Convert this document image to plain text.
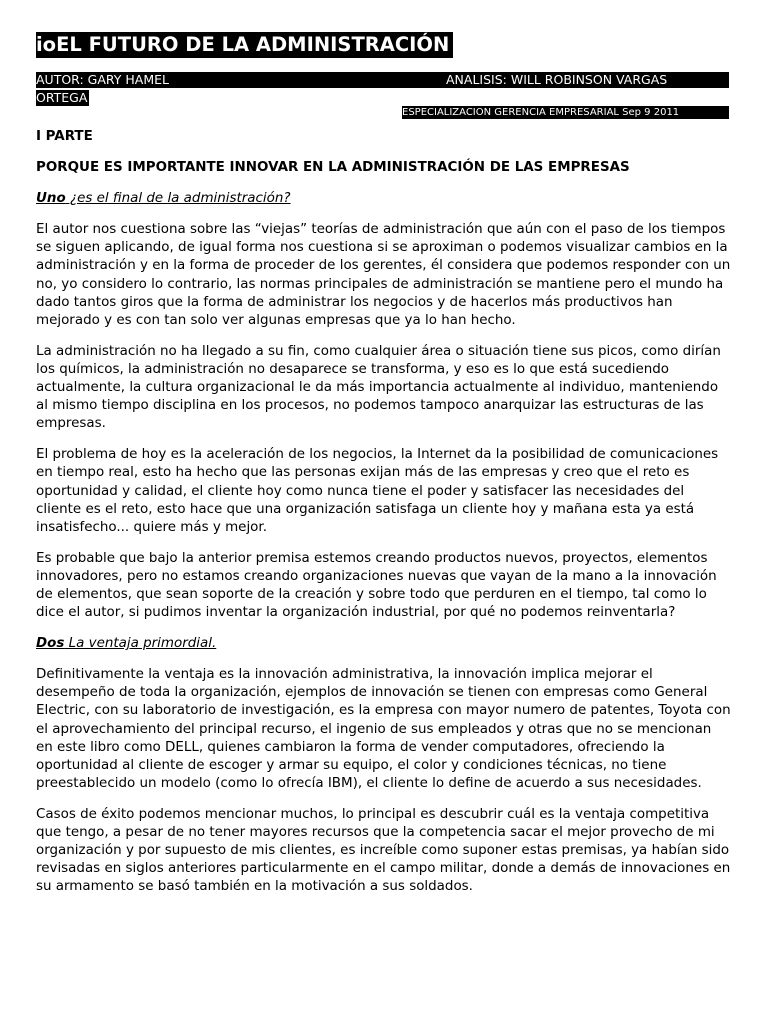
ioEL FUTURO DE LA ADMINISTRACIÓN
AUTOR: GARY HAMEL	ANALISIS: WILL ROBINSON VARGAS
ORTEGA
ESPECIALIZACION GERENCIA EMPRESARIAL Sep 9 2011

I PARTE

PORQUE ES IMPORTANTE INNOVAR EN LA ADMINISTRACIÓN DE LAS EMPRESAS

Uno ¿es el final de la administración?

El autor nos cuestiona sobre las “viejas” teorías de administración que aún con el paso de los tiempos se siguen aplicando, de igual forma nos cuestiona si se aproximan o podemos visualizar cambios en la administración y en la forma de proceder de los gerentes, él considera que podemos responder con un no, yo considero lo contrario, las normas principales de administración se mantiene pero el mundo ha dado tantos giros que la forma de administrar los negocios y de hacerlos más productivos han mejorado y es con tan solo ver algunas empresas que ya lo han hecho.

La administración no ha llegado a su fin, como cualquier área o situación tiene sus picos, como dirían los químicos, la administración no desaparece se transforma, y eso es lo que está sucediendo actualmente, la cultura organizacional le da más importancia actualmente al individuo, manteniendo al mismo tiempo disciplina en los procesos, no podemos tampoco anarquizar las estructuras de las empresas.

El problema de hoy es la aceleración de los negocios, la Internet da la posibilidad de comunicaciones en tiempo real, esto ha hecho que las personas exijan más de las empresas y creo que el reto es oportunidad y calidad, el cliente hoy como nunca tiene el poder y satisfacer las necesidades del cliente es el reto, esto hace que una organización satisfaga un cliente hoy y mañana esta ya está insatisfecho... quiere más y mejor.

Es probable que bajo la anterior premisa estemos creando productos nuevos, proyectos, elementos innovadores, pero no estamos creando organizaciones nuevas que vayan de la mano a la innovación de elementos, que sean soporte de la creación y sobre todo que perduren en el tiempo, tal como lo dice el autor, si pudimos inventar la organización industrial, por qué no podemos reinventarla?

Dos La ventaja primordial.

Definitivamente la ventaja es la innovación administrativa, la innovación implica mejorar el desempeño de toda la organización, ejemplos de innovación se tienen con empresas como General Electric, con su laboratorio de investigación, es la empresa con mayor numero de patentes, Toyota con el aprovechamiento del principal recurso, el ingenio de sus empleados y otras que no se mencionan en este libro como DELL, quienes cambiaron la forma de vender computadores, ofreciendo la oportunidad al cliente de escoger y armar su equipo, el color y condiciones técnicas, no tiene preestablecido un modelo (como lo ofrecía IBM), el cliente lo define de acuerdo a sus necesidades.

Casos de éxito podemos mencionar muchos, lo principal es descubrir cuál es la ventaja competitiva que tengo, a pesar de no tener mayores recursos que la competencia sacar el mejor provecho de mi organización y por supuesto de mis clientes, es increíble como suponer estas premisas, ya habían sido revisadas en siglos anteriores particularmente en el campo militar, donde a demás de innovaciones en su armamento se basó también en la motivación a sus soldados.
